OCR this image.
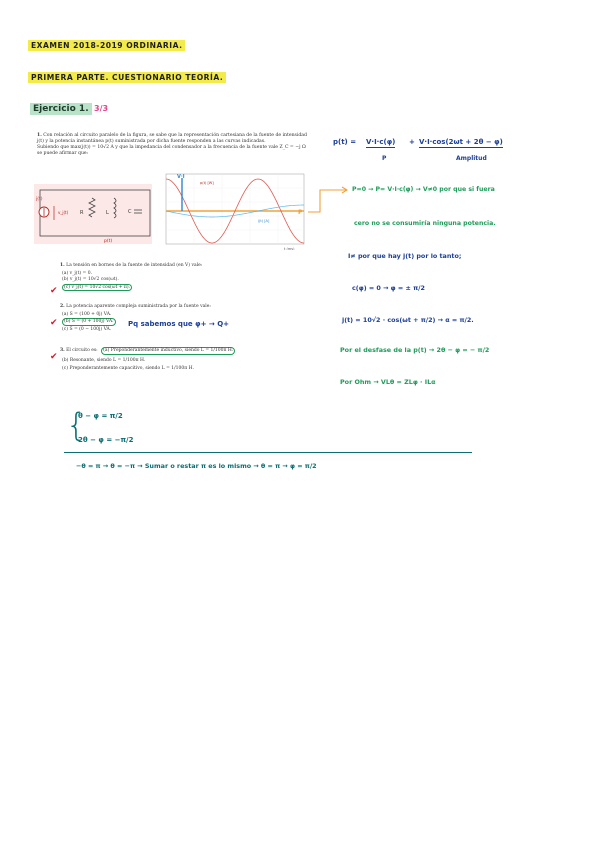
EXAMEN 2018-2019 ORDINARIA.
PRIMERA PARTE. CUESTIONARIO TEORÍA.
Ejercicio 1. 3/3
1. Con relación al circuito paralelo de la figura, se sabe que la representación cartesiana de la fuente de intensidad j(t) y la potencia instantánea p(t) suministrada por dicha fuente responden a las curvas indicadas.
Subiendo que max(j(t)) = 10√2 A y que la impedancia del condensador a la frecuencia de la fuente vale Z_C = −j Ω se puede afirmar que:
j(t)
v_j(t) R	L	C
p(t)
V·I
p(t) [W]
j(t) [A]
t (ms)
P
1. La tensión en bornes de la fuente de intensidad (en V) vale:
(a) v_j(t) = 0.
(b) v_j(t) = 10√2 cos(ωt).
(c) v_j(t) = 10√2 cos(ωt + π).
✔
2. La potencia aparente compleja suministrada por la fuente vale:
(a) S = (100 + 0j) VA.
(b) S = (0 + 100j) VA.
(c) S = (0 − 100j) VA.
✔	Pq sabemos que φ+ → Q+
3. El circuito es: (a) Preponderantemente inductivo, siendo L = 1/100π H.
(b) Resonante, siendo L = 1/100π H.
(c) Preponderantemente capacitivo, siendo L = 1/100π H.
✔
p(t) = V·I·c(φ) + V·I·cos(2ωt + 2θ − φ)
P	Amplitud
P=0 → P= V·I·c(φ) → V≠0 por que si fuera
cero no se consumiría ninguna potencia.
I≠ por que hay j(t) por lo tanto;
c(φ) = 0 → φ = ± π/2
j(t) = 10√2 · cos(ωt + π/2) → α = π/2.
Por el desfase de la p(t) → 2θ − φ = − π/2
Por Ohm → VLθ = ZLφ · ILα
{
θ − φ = π/2
2θ − φ = −π/2
−θ = π → θ = −π → Sumar o restar π es lo mismo → θ = π → φ = π/2
